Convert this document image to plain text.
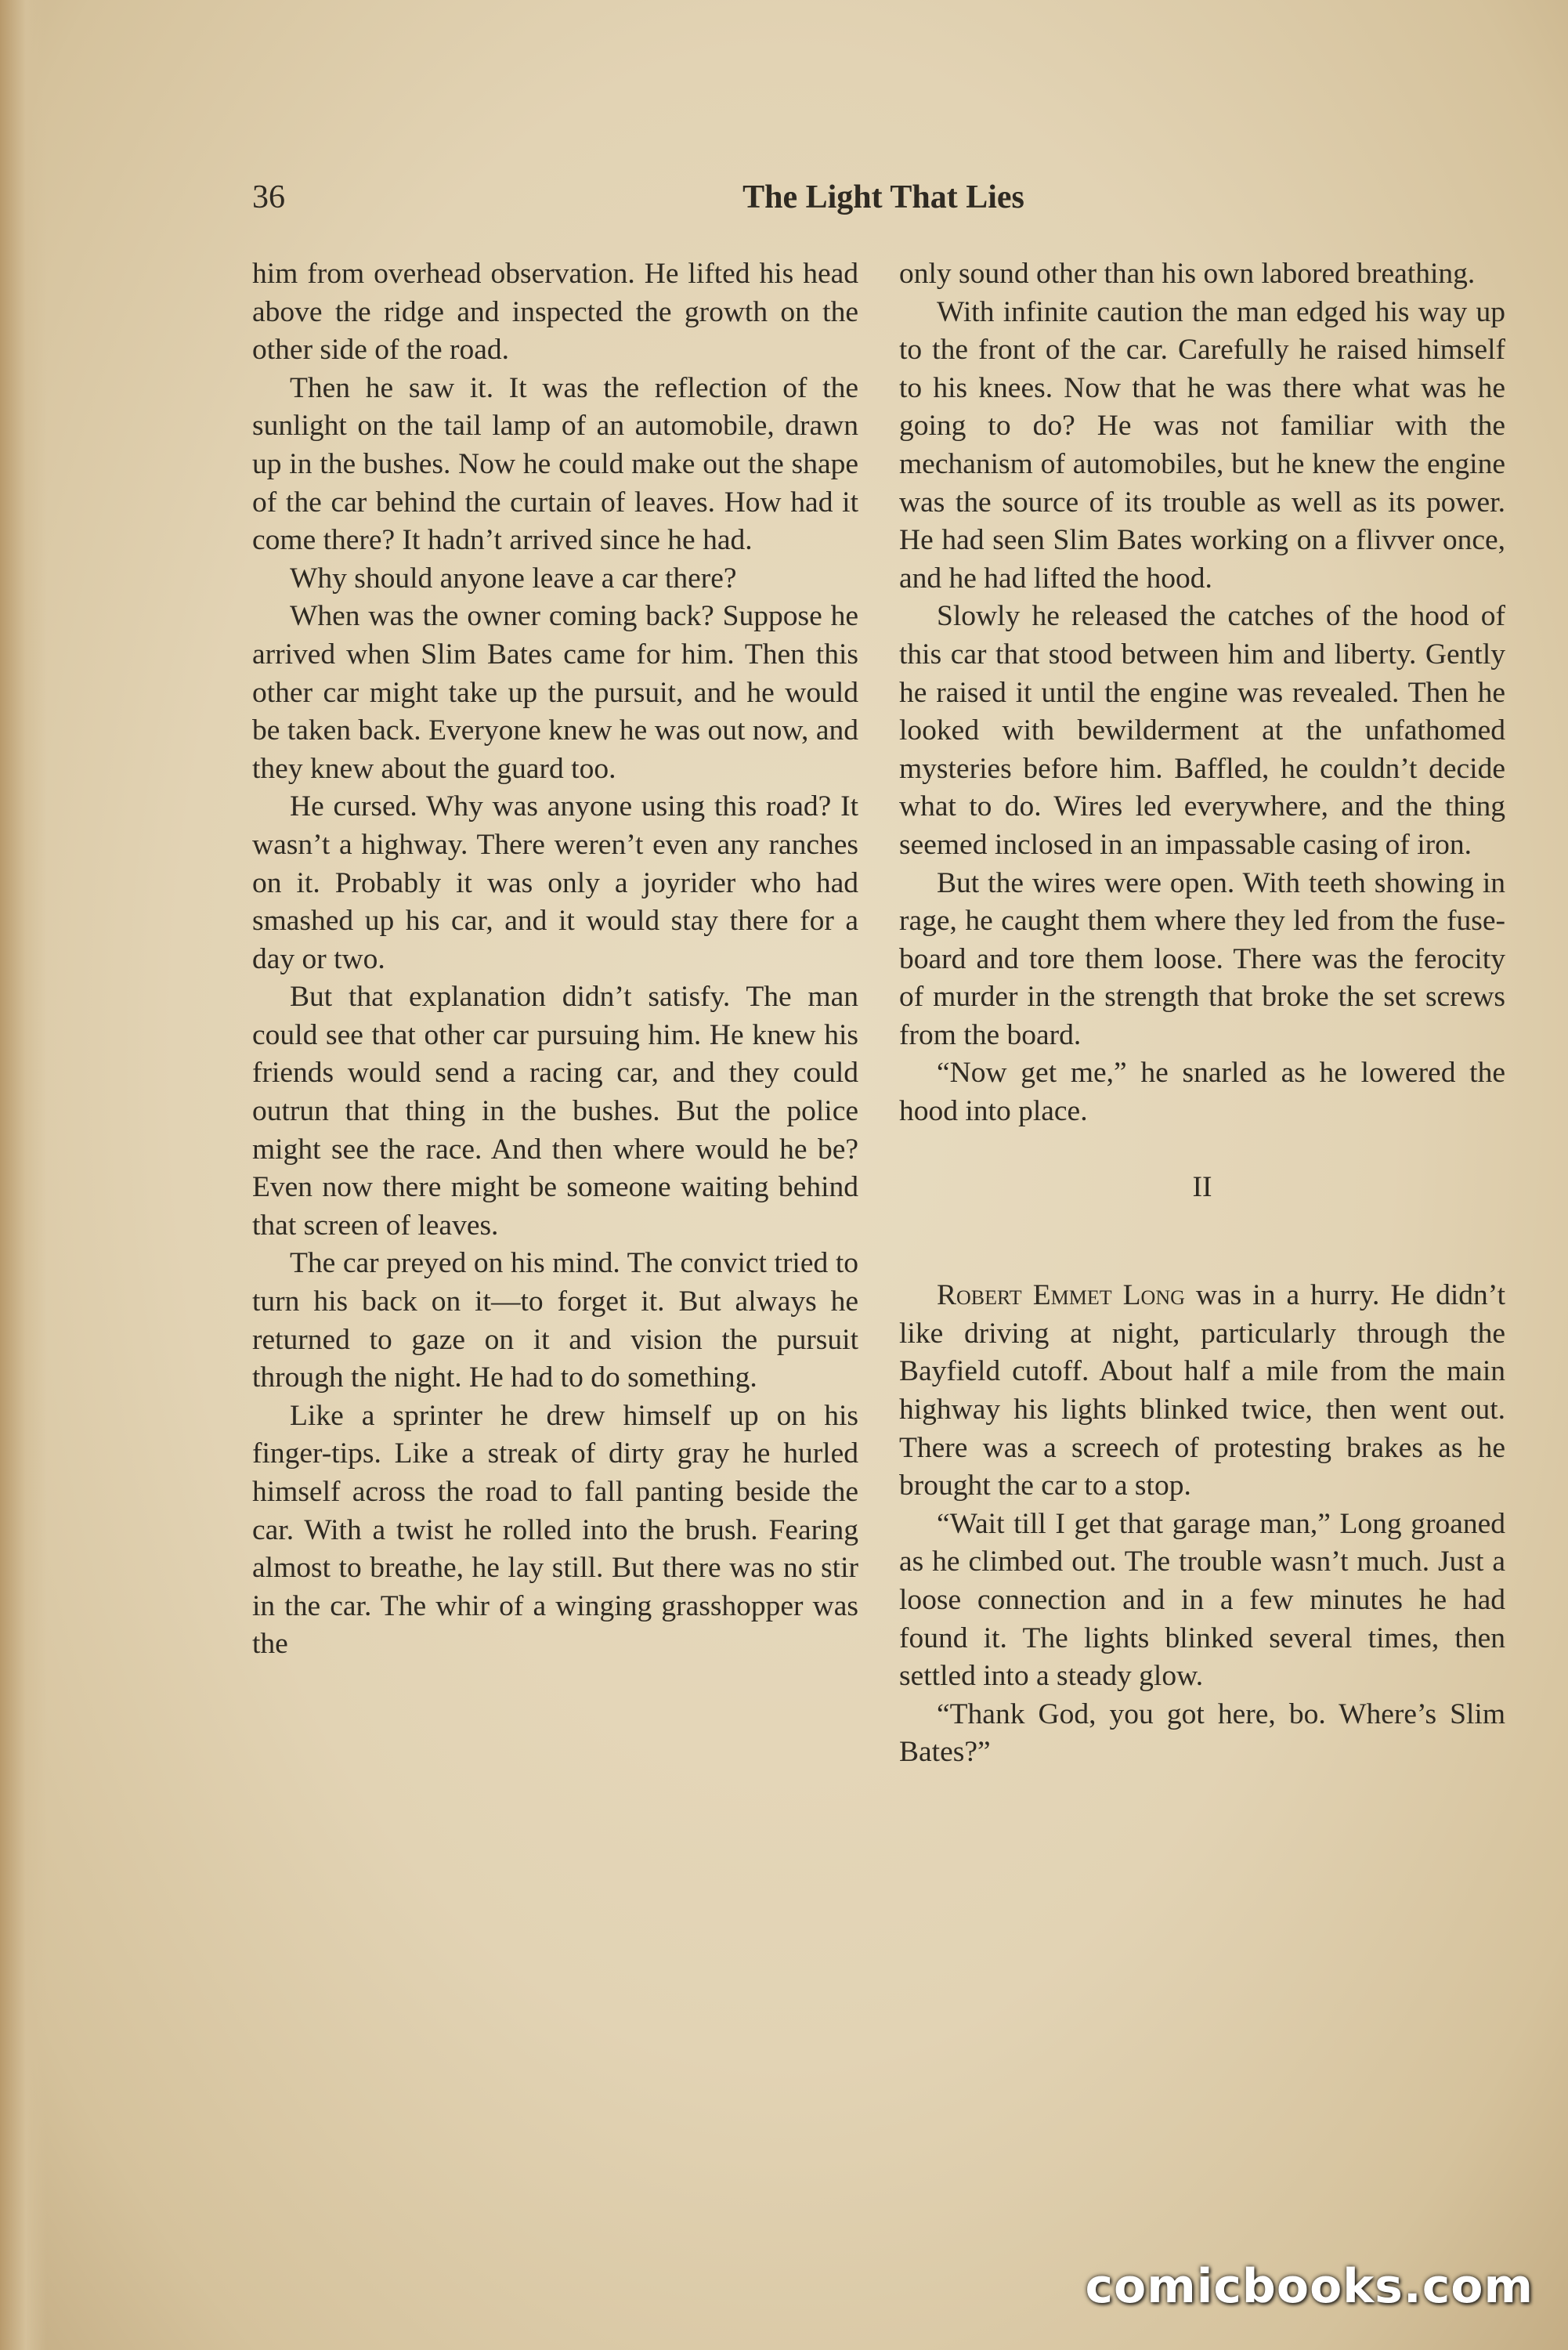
36	The Light That Lies

him from overhead observation. He lifted his head above the ridge and inspected the growth on the other side of the road.

Then he saw it. It was the reflection of the sunlight on the tail lamp of an automobile, drawn up in the bushes. Now he could make out the shape of the car behind the curtain of leaves. How had it come there? It hadn’t arrived since he had.

Why should anyone leave a car there?

When was the owner coming back? Suppose he arrived when Slim Bates came for him. Then this other car might take up the pursuit, and he would be taken back. Everyone knew he was out now, and they knew about the guard too.

He cursed. Why was anyone using this road? It wasn’t a highway. There weren’t even any ranches on it. Probably it was only a joyrider who had smashed up his car, and it would stay there for a day or two.

But that explanation didn’t satisfy. The man could see that other car pursuing him. He knew his friends would send a racing car, and they could outrun that thing in the bushes. But the police might see the race. And then where would he be? Even now there might be someone waiting behind that screen of leaves.

The car preyed on his mind. The convict tried to turn his back on it—to forget it. But always he returned to gaze on it and vision the pursuit through the night. He had to do something.

Like a sprinter he drew himself up on his finger-tips. Like a streak of dirty gray he hurled himself across the road to fall panting beside the car. With a twist he rolled into the brush. Fearing almost to breathe, he lay still. But there was no stir in the car. The whir of a winging grasshopper was the

only sound other than his own labored breathing.

With infinite caution the man edged his way up to the front of the car. Carefully he raised himself to his knees. Now that he was there what was he going to do? He was not familiar with the mechanism of automobiles, but he knew the engine was the source of its trouble as well as its power. He had seen Slim Bates working on a flivver once, and he had lifted the hood.

Slowly he released the catches of the hood of this car that stood between him and liberty. Gently he raised it until the engine was revealed. Then he looked with bewilderment at the unfathomed mysteries before him. Baffled, he couldn’t decide what to do. Wires led everywhere, and the thing seemed inclosed in an impassable casing of iron.

But the wires were open. With teeth showing in rage, he caught them where they led from the fuse-board and tore them loose. There was the ferocity of murder in the strength that broke the set screws from the board.

“Now get me,” he snarled as he lowered the hood into place.

II

Robert Emmet Long was in a hurry. He didn’t like driving at night, particularly through the Bayfield cutoff. About half a mile from the main highway his lights blinked twice, then went out. There was a screech of protesting brakes as he brought the car to a stop.

“Wait till I get that garage man,” Long groaned as he climbed out. The trouble wasn’t much. Just a loose connection and in a few minutes he had found it. The lights blinked several times, then settled into a steady glow.

“Thank God, you got here, bo. Where’s Slim Bates?”

comicbooks.com
